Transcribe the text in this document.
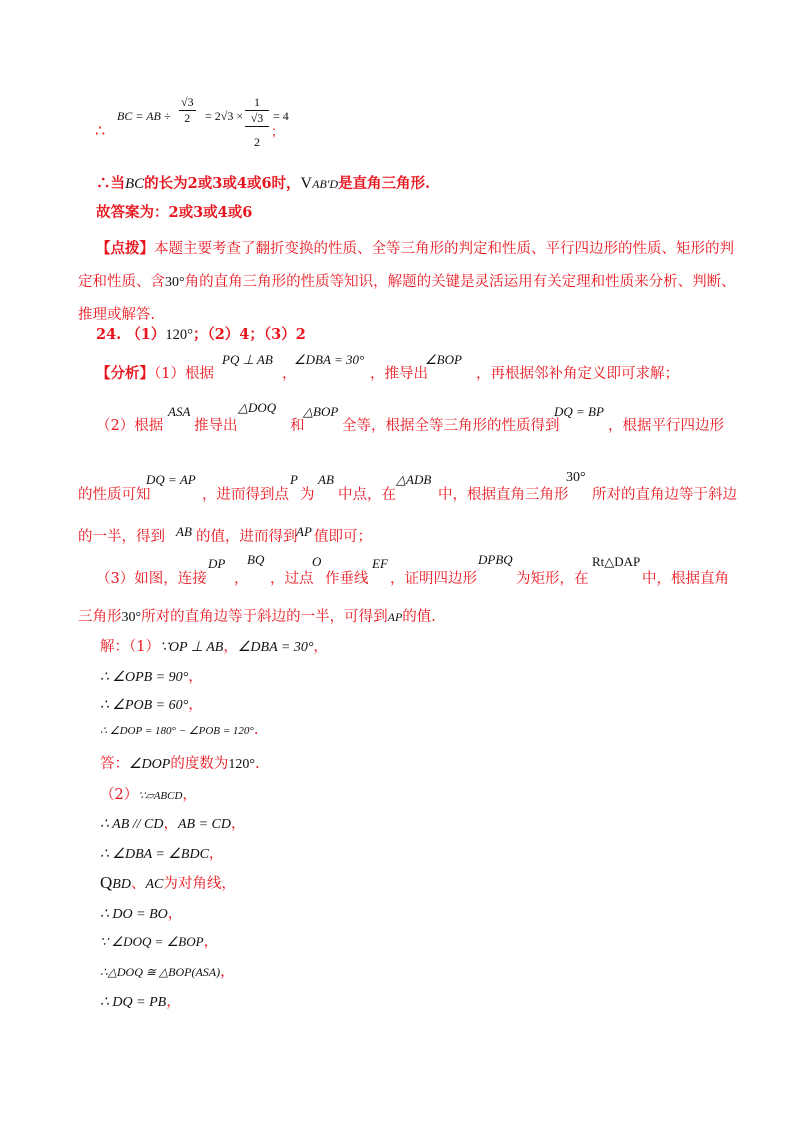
∴
BC = AB ÷ $\frac{√3}{2} = 2√3$ ×
1
√3
2
= 4
；
∴当BC的长为2或3或4或6时，VAB′D是直角三角形.
故答案为：2或3或4或6
【点拨】本题主要考查了翻折变换的性质、全等三角形的判定和性质、平行四边形的性质、矩形的判
定和性质、含30°角的直角三角形的性质等知识，解题的关键是灵活运用有关定理和性质来分析、判断、
推理或解答.
24. （1）120°；（2）4；（3）2
【分析】（1）根据
PQ ⊥ AB
，
∠DBA = 30°
，推导出
∠BOP
，再根据邻补角定义即可求解；
（2）根据
ASA
推导出
△DOQ
和
△BOP
全等，根据全等三角形的性质得到
DQ = BP
，根据平行四边形
的性质可知
DQ = AP
，进而得到点
P
为
AB
中点，在
△ADB
中，根据直角三角形
30°
所对的直角边等于斜边
的一半，得到 AB 的值，进而得到
AP 值即可；
（3）如图，连接
DP
，
BQ
，过点
O
作垂线
EF
，证明四边形
DPBQ
为矩形，在
Rt△DAP
中，根据直角
三角形30°所对的直角边等于斜边的一半，可得到AP的值.
解：（1）∵OP ⊥ AB，∠DBA = 30°，
∴ ∠OPB = 90°，
∴ ∠POB = 60°，
∴ ∠DOP = 180° − ∠POB = 120°.
答：∠DOP的度数为120°.
（2）∵▱ABCD，
∴ AB // CD，AB = CD，
∴ ∠DBA = ∠BDC，
QBD、AC为对角线，
∴ DO = BO，
∵ ∠DOQ = ∠BOP，
∴△DOQ ≅ △BOP(ASA)，
∴ DQ = PB，
